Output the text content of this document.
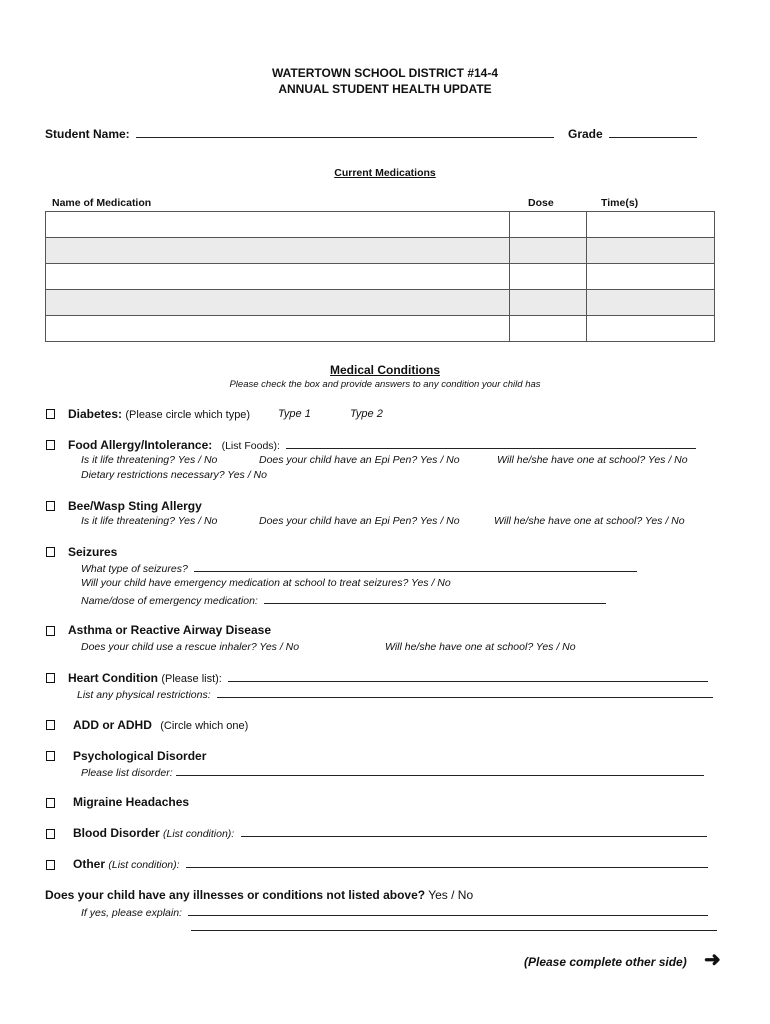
WATERTOWN SCHOOL DISTRICT #14-4
ANNUAL STUDENT HEALTH UPDATE
Student Name:	Grade
Current Medications
Name of Medication	Dose	Time(s)

Medical Conditions
Please check the box and provide answers to any condition your child has
Diabetes: (Please circle which type)	Type 1	Type 2
Food Allergy/Intolerance: (List Foods):
Is it life threatening? Yes / No	Does your child have an Epi Pen? Yes / No	Will he/she have one at school? Yes / No
Dietary restrictions necessary? Yes / No
Bee/Wasp Sting Allergy
Is it life threatening? Yes / No	Does your child have an Epi Pen? Yes / No	Will he/she have one at school? Yes / No
Seizures
What type of seizures?
Will your child have emergency medication at school to treat seizures? Yes / No
Name/dose of emergency medication:
Asthma or Reactive Airway Disease
Does your child use a rescue inhaler? Yes / No	Will he/she have one at school? Yes / No
Heart Condition (Please list):
List any physical restrictions:
ADD or ADHD (Circle which one)
Psychological Disorder
Please list disorder:
Migraine Headaches
Blood Disorder (List condition):
Other (List condition):
Does your child have any illnesses or conditions not listed above? Yes / No
If yes, please explain:
(Please complete other side) ➜
